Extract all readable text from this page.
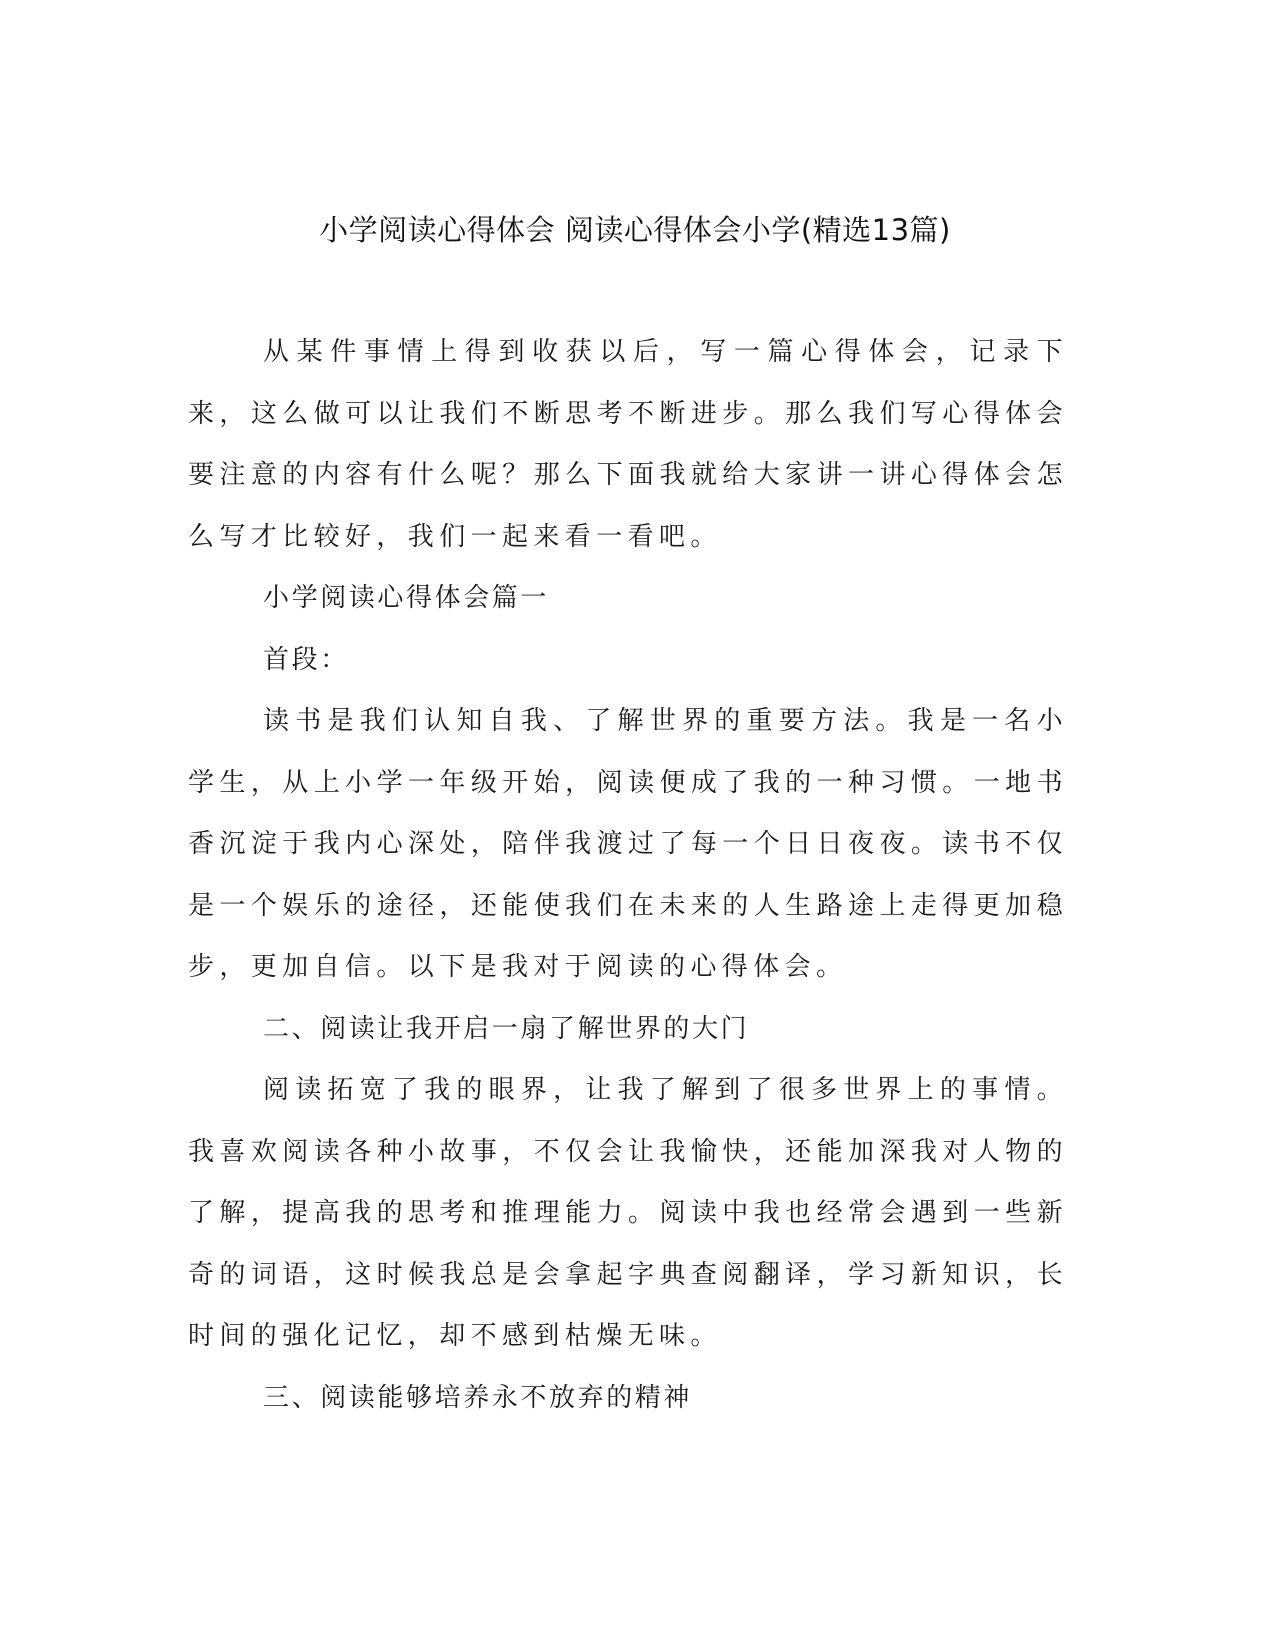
小学阅读心得体会 阅读心得体会小学(精选13篇)

从某件事情上得到收获以后，写一篇心得体会，记录下来，这么做可以让我们不断思考不断进步。那么我们写心得体会要注意的内容有什么呢？那么下面我就给大家讲一讲心得体会怎么写才比较好，我们一起来看一看吧。

小学阅读心得体会篇一

首段：

读书是我们认知自我、了解世界的重要方法。我是一名小学生，从上小学一年级开始，阅读便成了我的一种习惯。一地书香沉淀于我内心深处，陪伴我渡过了每一个日日夜夜。读书不仅是一个娱乐的途径，还能使我们在未来的人生路途上走得更加稳步，更加自信。以下是我对于阅读的心得体会。

二、阅读让我开启一扇了解世界的大门

阅读拓宽了我的眼界，让我了解到了很多世界上的事情。我喜欢阅读各种小故事，不仅会让我愉快，还能加深我对人物的了解，提高我的思考和推理能力。阅读中我也经常会遇到一些新奇的词语，这时候我总是会拿起字典查阅翻译，学习新知识，长时间的强化记忆，却不感到枯燥无味。

三、阅读能够培养永不放弃的精神
